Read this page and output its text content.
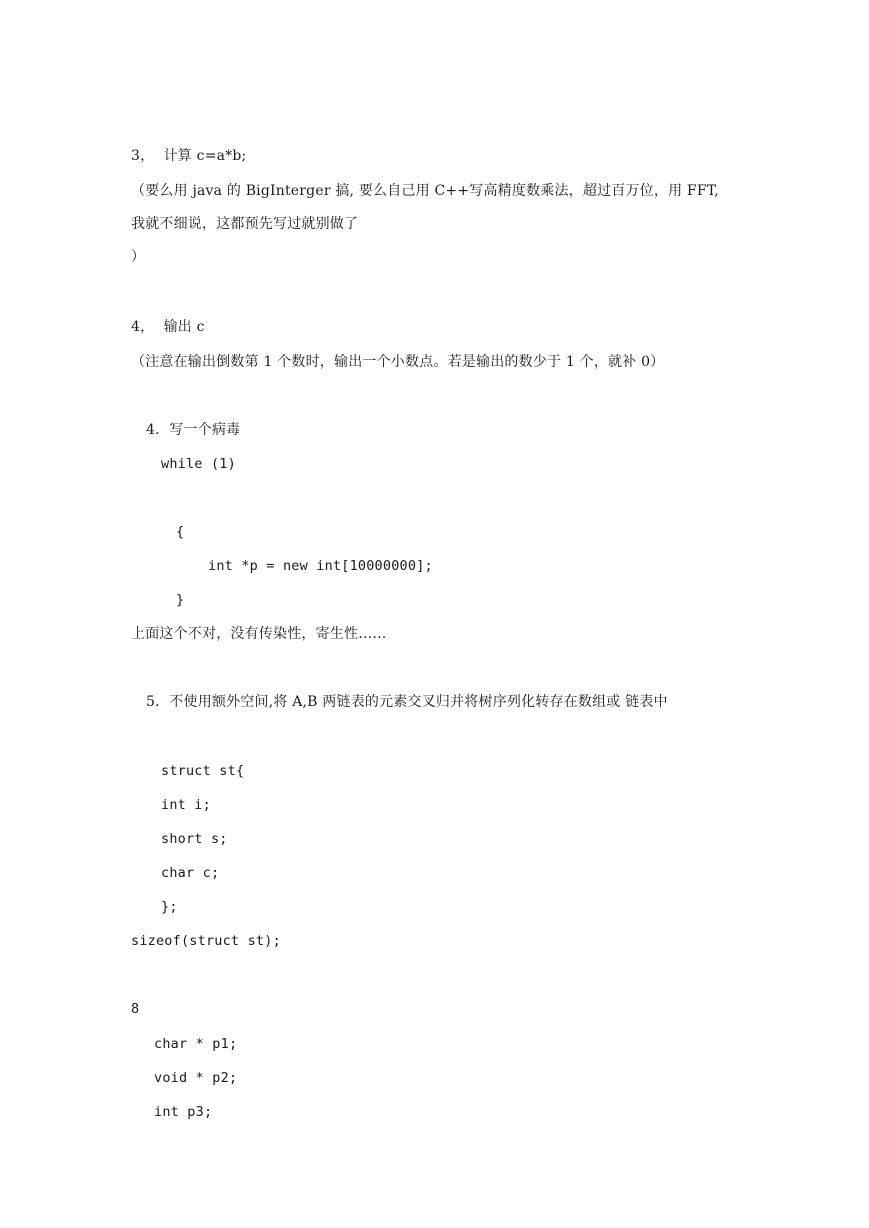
3，  计算 c=a*b;
（要么用 java 的 BigInterger 搞, 要么自己用 C++写高精度数乘法，超过百万位，用 FFT,
我就不细说，这都预先写过就别做了
）
4，  输出 c
（注意在输出倒数第 1 个数时，输出一个小数点。若是输出的数少于 1 个，就补 0）
4．写一个病毒
while (1)
{
int *p = new int[10000000];
}
上面这个不对，没有传染性，寄生性……
5．不使用额外空间,将 A,B 两链表的元素交叉归并将树序列化转存在数组或 链表中
struct st{
int i;
short s;
char c;
};
sizeof(struct st);
8
char * p1;
void * p2;
int p3;
